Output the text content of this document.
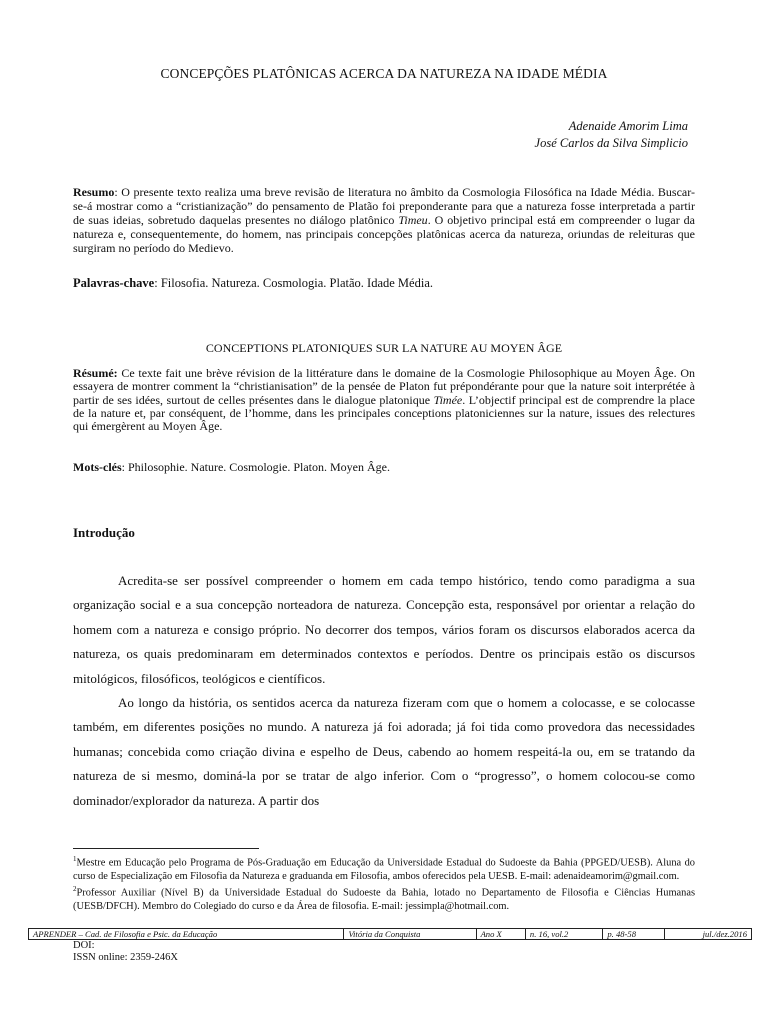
CONCEPÇÕES PLATÔNICAS ACERCA DA NATUREZA NA IDADE MÉDIA
Adenaide Amorim Lima
José Carlos da Silva Simplicio
Resumo: O presente texto realiza uma breve revisão de literatura no âmbito da Cosmologia Filosófica na Idade Média. Buscar-se-á mostrar como a “cristianização” do pensamento de Platão foi preponderante para que a natureza fosse interpretada a partir de suas ideias, sobretudo daquelas presentes no diálogo platônico Timeu. O objetivo principal está em compreender o lugar da natureza e, consequentemente, do homem, nas principais concepções platônicas acerca da natureza, oriundas de releituras que surgiram no período do Medievo.
Palavras-chave: Filosofia. Natureza. Cosmologia. Platão. Idade Média.
CONCEPTIONS PLATONIQUES SUR LA NATURE AU MOYEN ÂGE
Résumé: Ce texte fait une brève révision de la littérature dans le domaine de la Cosmologie Philosophique au Moyen Âge. On essayera de montrer comment la “christianisation” de la pensée de Platon fut prépondérante pour que la nature soit interprétée à partir de ses idées, surtout de celles présentes dans le dialogue platonique Timée. L’objectif principal est de comprendre la place de la nature et, par conséquent, de l’homme, dans les principales conceptions platoniciennes sur la nature, issues des relectures qui émergèrent au Moyen Âge.
Mots-clés: Philosophie. Nature. Cosmologie. Platon. Moyen Âge.
Introdução

Acredita-se ser possível compreender o homem em cada tempo histórico, tendo como paradigma a sua organização social e a sua concepção norteadora de natureza. Concepção esta, responsável por orientar a relação do homem com a natureza e consigo próprio. No decorrer dos tempos, vários foram os discursos elaborados acerca da natureza, os quais predominaram em determinados contextos e períodos. Dentre os principais estão os discursos mitológicos, filosóficos, teológicos e científicos.

Ao longo da história, os sentidos acerca da natureza fizeram com que o homem a colocasse, e se colocasse também, em diferentes posições no mundo. A natureza já foi adorada; já foi tida como provedora das necessidades humanas; concebida como criação divina e espelho de Deus, cabendo ao homem respeitá-la ou, em se tratando da natureza de si mesmo, dominá-la por se tratar de algo inferior. Com o “progresso”, o homem colocou-se como dominador/explorador da natureza. A partir dos

$^1$Mestre em Educação pelo Programa de Pós-Graduação em Educação da Universidade Estadual do Sudoeste da Bahia (PPGED/UESB). Aluna do curso de Especialização em Filosofia da Natureza e graduanda em Filosofia, ambos oferecidos pela UESB. E-mail: adenaideamorim@gmail.com.

$^2$Professor Auxiliar (Nível B) da Universidade Estadual do Sudoeste da Bahia, lotado no Departamento de Filosofia e Ciências Humanas (UESB/DFCH). Membro do Colegiado do curso e da Área de filosofia. E-mail: jessimpla@hotmail.com.

APRENDER – Cad. de Filosofia e Psic. da Educação	Vitória da Conquista	Ano X	n. 16, vol.2	p. 48-58	jul./dez.2016
DOI:
ISSN online: 2359-246X
